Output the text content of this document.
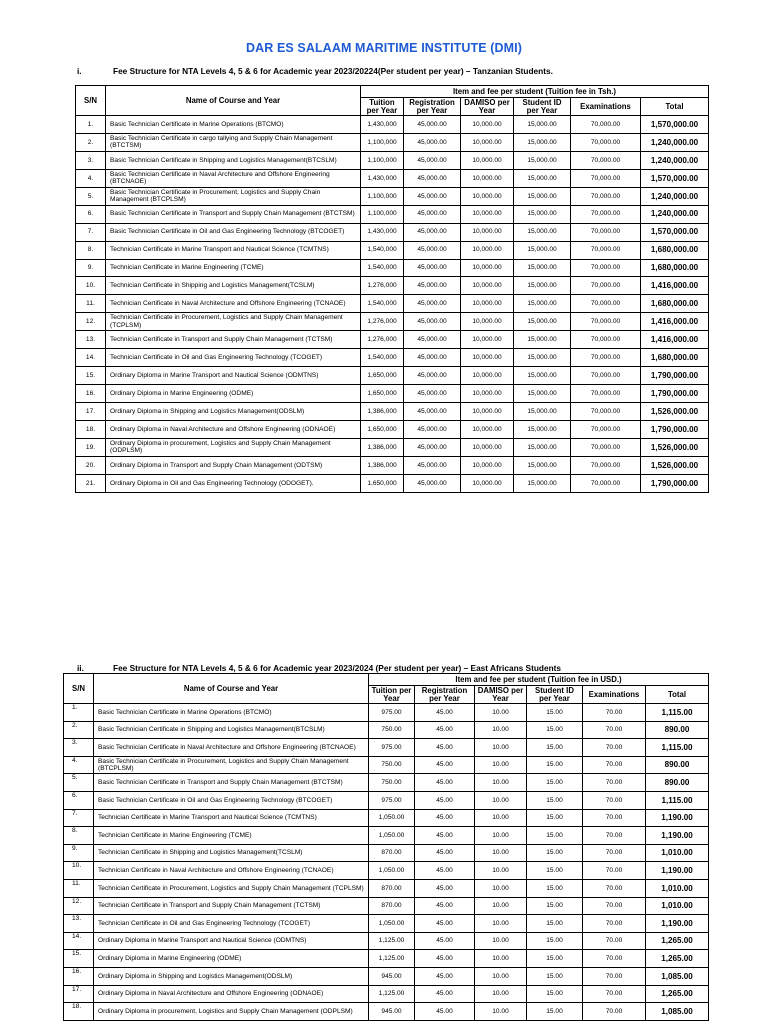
DAR ES SALAAM MARITIME INSTITUTE (DMI)
i.	Fee Structure for NTA Levels 4, 5 & 6 for Academic year 2023/20224(Per student per year) – Tanzanian Students.
S/N	Name of Course and Year	Item and fee per student (Tuition fee in Tsh.)					
		Tuition per Year	Registration per Year	DAMISO per Year	Student ID per Year	Examinations	Total
1.	Basic Technician Certificate in Marine Operations (BTCMO)	1,430,000	45,000.00	10,000.00	15,000.00	70,000.00	1,570,000.00
2.	Basic Technician Certificate in cargo tallying and Supply Chain Management (BTCTSM)	1,100,000	45,000.00	10,000.00	15,000.00	70,000.00	1,240,000.00
3.	Basic Technician Certificate in Shipping and Logistics Management(BTCSLM)	1,100,000	45,000.00	10,000.00	15,000.00	70,000.00	1,240,000.00
4.	Basic Technician Certificate in Naval Architecture and Offshore Engineering (BTCNAOE)	1,430,000	45,000.00	10,000.00	15,000.00	70,000.00	1,570,000.00
5.	Basic Technician Certificate in Procurement, Logistics and Supply Chain Management (BTCPLSM)	1,100,000	45,000.00	10,000.00	15,000.00	70,000.00	1,240,000.00
6.	Basic Technician Certificate in Transport and Supply Chain Management (BTCTSM)	1,100,000	45,000.00	10,000.00	15,000.00	70,000.00	1,240,000.00
7.	Basic Technician Certificate in Oil and Gas Engineering Technology (BTCOGET)	1,430,000	45,000.00	10,000.00	15,000.00	70,000.00	1,570,000.00
8.	Technician Certificate in Marine Transport and Nautical Science (TCMTNS)	1,540,000	45,000.00	10,000.00	15,000.00	70,000.00	1,680,000.00
9.	Technician Certificate in Marine Engineering (TCME)	1,540,000	45,000.00	10,000.00	15,000.00	70,000.00	1,680,000.00
10.	Technician Certificate in Shipping and Logistics Management(TCSLM)	1,276,000	45,000.00	10,000.00	15,000.00	70,000.00	1,416,000.00
11.	Technician Certificate in Naval Architecture and Offshore Engineering (TCNAOE)	1,540,000	45,000.00	10,000.00	15,000.00	70,000.00	1,680,000.00
12.	Technician Certificate in Procurement, Logistics and Supply Chain Management (TCPLSM)	1,276,000	45,000.00	10,000.00	15,000.00	70,000.00	1,416,000.00
13.	Technician Certificate in Transport and Supply Chain Management (TCTSM)	1,276,000	45,000.00	10,000.00	15,000.00	70,000.00	1,416,000.00
14.	Technician Certificate in Oil and Gas Engineering Technology (TCOGET)	1,540,000	45,000.00	10,000.00	15,000.00	70,000.00	1,680,000.00
15.	Ordinary Diploma in Marine Transport and Nautical Science (ODMTNS)	1,650,000	45,000.00	10,000.00	15,000.00	70,000.00	1,790,000.00
16.	Ordinary Diploma in Marine Engineering (ODME)	1,650,000	45,000.00	10,000.00	15,000.00	70,000.00	1,790,000.00
17.	Ordinary Diploma in Shipping and Logistics Management(ODSLM)	1,386,000	45,000.00	10,000.00	15,000.00	70,000.00	1,526,000.00
18.	Ordinary Diploma in Naval Architecture and Offshore Engineering (ODNAOE)	1,650,000	45,000.00	10,000.00	15,000.00	70,000.00	1,790,000.00
19.	Ordinary Diploma in procurement, Logistics and Supply Chain Management (ODPLSM)	1,386,000	45,000.00	10,000.00	15,000.00	70,000.00	1,526,000.00
20.	Ordinary Diploma in Transport and Supply Chain Management (ODTSM)	1,386,000	45,000.00	10,000.00	15,000.00	70,000.00	1,526,000.00
21.	Ordinary Diploma in Oil and Gas Engineering Technology (ODOGET).	1,650,000	45,000.00	10,000.00	15,000.00	70,000.00	1,790,000.00
ii.	Fee Structure for NTA Levels 4, 5 & 6 for Academic year 2023/2024 (Per student per year) – East Africans Students
S/N	Name of Course and Year	Item and fee per student (Tuition fee in USD.)					
		Tuition per Year	Registration per Year	DAMISO per Year	Student ID per Year	Examinations	Total
1.	Basic Technician Certificate in Marine Operations (BTCMO)	975.00	45.00	10.00	15.00	70.00	1,115.00
2.	Basic Technician Certificate in Shipping and Logistics Management(BTCSLM)	750.00	45.00	10.00	15.00	70.00	890.00
3.	Basic Technician Certificate in Naval Architecture and Offshore Engineering (BTCNAOE)	975.00	45.00	10.00	15.00	70.00	1,115.00
4.	Basic Technician Certificate in Procurement, Logistics and Supply Chain Management (BTCPLSM)	750.00	45.00	10.00	15.00	70.00	890.00
5.	Basic Technician Certificate in Transport and Supply Chain Management (BTCTSM)	750.00	45.00	10.00	15.00	70.00	890.00
6.	Basic Technician Certificate in Oil and Gas Engineering Technology (BTCOGET)	975.00	45.00	10.00	15.00	70.00	1,115.00
7.	Technician Certificate in Marine Transport and Nautical Science (TCMTNS)	1,050.00	45.00	10.00	15.00	70.00	1,190.00
8.	Technician Certificate in Marine Engineering (TCME)	1,050.00	45.00	10.00	15.00	70.00	1,190.00
9.	Technician Certificate in Shipping and Logistics Management(TCSLM)	870.00	45.00	10.00	15.00	70.00	1,010.00
10.	Technician Certificate in Naval Architecture and Offshore Engineering (TCNAOE)	1,050.00	45.00	10.00	15.00	70.00	1,190.00
11.	Technician Certificate in Procurement, Logistics and Supply Chain Management (TCPLSM)	870.00	45.00	10.00	15.00	70.00	1,010.00
12.	Technician Certificate in Transport and Supply Chain Management (TCTSM)	870.00	45.00	10.00	15.00	70.00	1,010.00
13.	Technician Certificate in Oil and Gas Engineering Technology (TCOGET)	1,050.00	45.00	10.00	15.00	70.00	1,190.00
14.	Ordinary Diploma in Marine Transport and Nautical Science (ODMTNS)	1,125.00	45.00	10.00	15.00	70.00	1,265.00
15.	Ordinary Diploma in Marine Engineering (ODME)	1,125.00	45.00	10.00	15.00	70.00	1,265.00
16.	Ordinary Diploma in Shipping and Logistics Management(ODSLM)	945.00	45.00	10.00	15.00	70.00	1,085.00
17.	Ordinary Diploma in Naval Architecture and Offshore Engineering (ODNAOE)	1,125.00	45.00	10.00	15.00	70.00	1,265.00
18.	Ordinary Diploma in procurement, Logistics and Supply Chain Management (ODPLSM)	945.00	45.00	10.00	15.00	70.00	1,085.00
